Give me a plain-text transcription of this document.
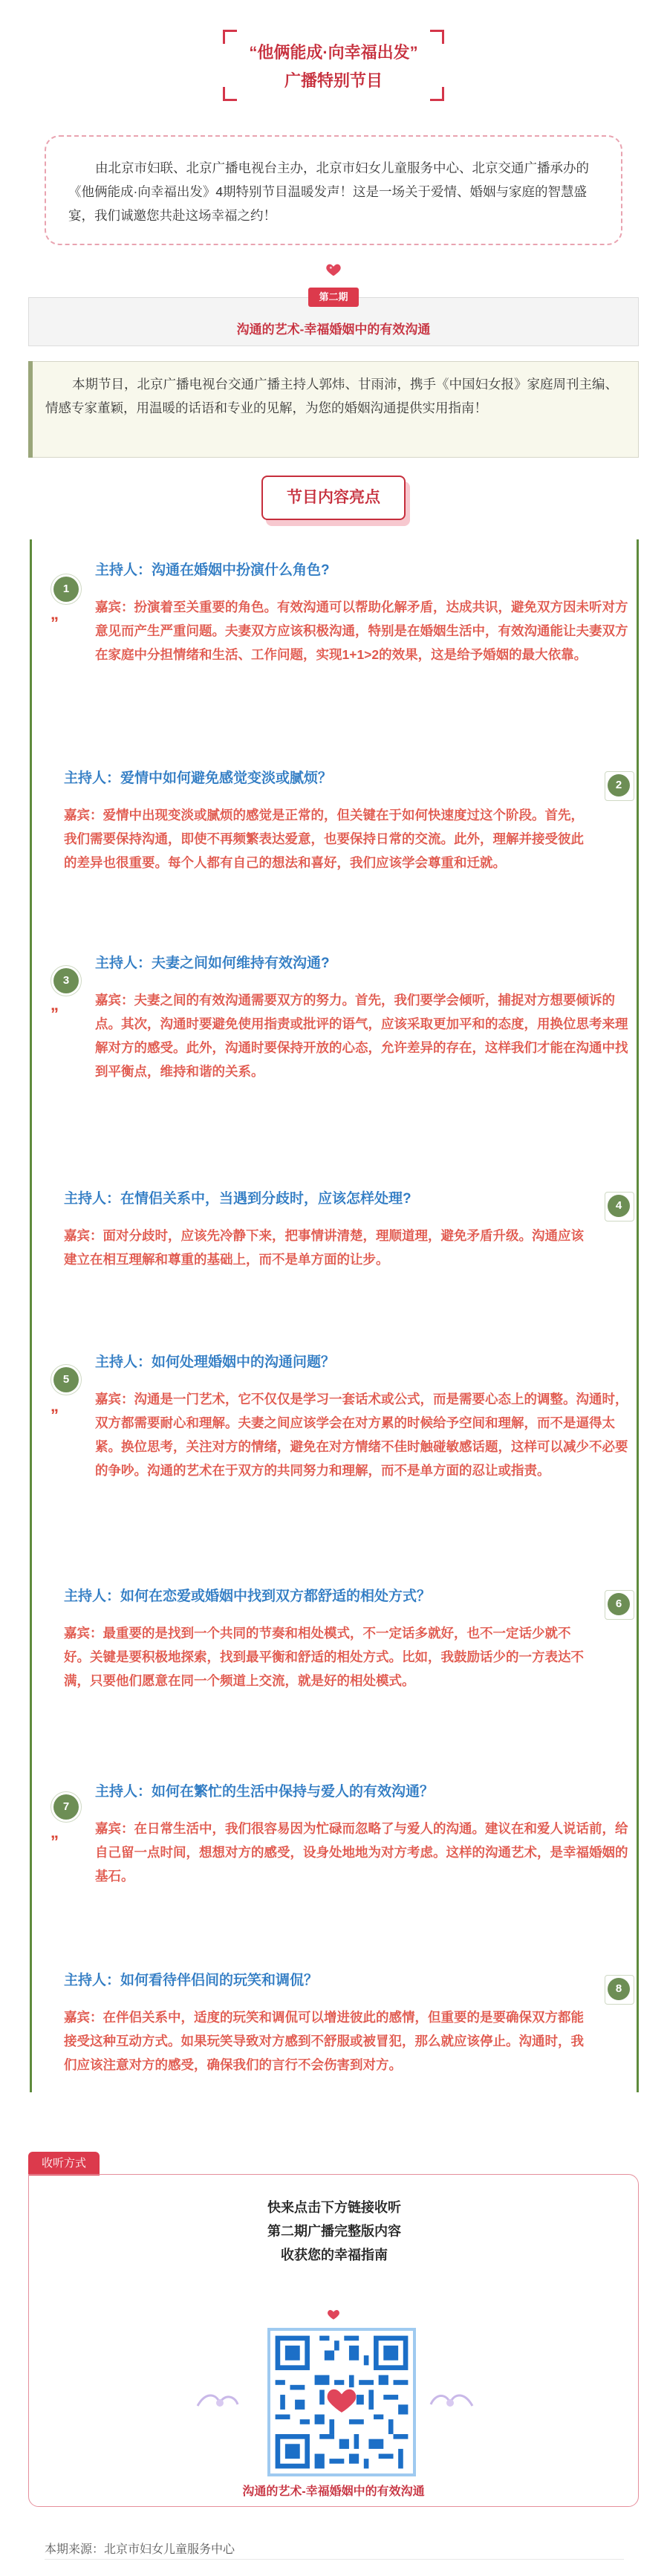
“他俩能成·向幸福出发”
广播特别节目
由北京市妇联、北京广播电视台主办，北京市妇女儿童服务中心、北京交通广播承办的《他俩能成·向幸福出发》4期特别节目温暖发声！这是一场关于爱情、婚姻与家庭的智慧盛宴，我们诚邀您共赴这场幸福之约！
第二期
沟通的艺术-幸福婚姻中的有效沟通
本期节目，北京广播电视台交通广播主持人郭炜、甘雨沛，携手《中国妇女报》家庭周刊主编、情感专家董颖，用温暖的话语和专业的见解，为您的婚姻沟通提供实用指南！
节目内容亮点
1
”
主持人：沟通在婚姻中扮演什么角色?
嘉宾：扮演着至关重要的角色。有效沟通可以帮助化解矛盾，达成共识，避免双方因未听对方意见而产生严重问题。夫妻双方应该积极沟通，特别是在婚姻生活中，有效沟通能让夫妻双方在家庭中分担情绪和生活、工作问题，实现1+1>2的效果，这是给予婚姻的最大依靠。
2
主持人：爱情中如何避免感觉变淡或腻烦？
嘉宾：爱情中出现变淡或腻烦的感觉是正常的，但关键在于如何快速度过这个阶段。首先，我们需要保持沟通，即使不再频繁表达爱意，也要保持日常的交流。此外，理解并接受彼此的差异也很重要。每个人都有自己的想法和喜好，我们应该学会尊重和迁就。
3
”
主持人：夫妻之间如何维持有效沟通?
嘉宾：夫妻之间的有效沟通需要双方的努力。首先，我们要学会倾听，捕捉对方想要倾诉的点。其次，沟通时要避免使用指责或批评的语气，应该采取更加平和的态度，用换位思考来理解对方的感受。此外，沟通时要保持开放的心态，允许差异的存在，这样我们才能在沟通中找到平衡点，维持和谐的关系。
4
主持人：在情侣关系中，当遇到分歧时，应该怎样处理?
嘉宾：面对分歧时，应该先冷静下来，把事情讲清楚，理顺道理，避免矛盾升级。沟通应该建立在相互理解和尊重的基础上，而不是单方面的让步。
5
”
主持人：如何处理婚姻中的沟通问题？
嘉宾：沟通是一门艺术，它不仅仅是学习一套话术或公式，而是需要心态上的调整。沟通时，双方都需要耐心和理解。夫妻之间应该学会在对方累的时候给予空间和理解，而不是逼得太紧。换位思考，关注对方的情绪，避免在对方情绪不佳时触碰敏感话题，这样可以减少不必要的争吵。沟通的艺术在于双方的共同努力和理解，而不是单方面的忍让或指责。
6
主持人：如何在恋爱或婚姻中找到双方都舒适的相处方式？
嘉宾：最重要的是找到一个共同的节奏和相处模式，不一定话多就好，也不一定话少就不好。关键是要积极地探索，找到最平衡和舒适的相处方式。比如，我鼓励话少的一方表达不满，只要他们愿意在同一个频道上交流，就是好的相处模式。
7
”
主持人：如何在繁忙的生活中保持与爱人的有效沟通？
嘉宾：在日常生活中，我们很容易因为忙碌而忽略了与爱人的沟通。建议在和爱人说话前，给自己留一点时间，想想对方的感受，设身处地地为对方考虑。这样的沟通艺术，是幸福婚姻的基石。
8
主持人：如何看待伴侣间的玩笑和调侃？
嘉宾：在伴侣关系中，适度的玩笑和调侃可以增进彼此的感情，但重要的是要确保双方都能接受这种互动方式。如果玩笑导致对方感到不舒服或被冒犯，那么就应该停止。沟通时，我们应该注意对方的感受，确保我们的言行不会伤害到对方。
收听方式
快来点击下方链接收听
第二期广播完整版内容
收获您的幸福指南
沟通的艺术-幸福婚姻中的有效沟通
本期来源：北京市妇女儿童服务中心
